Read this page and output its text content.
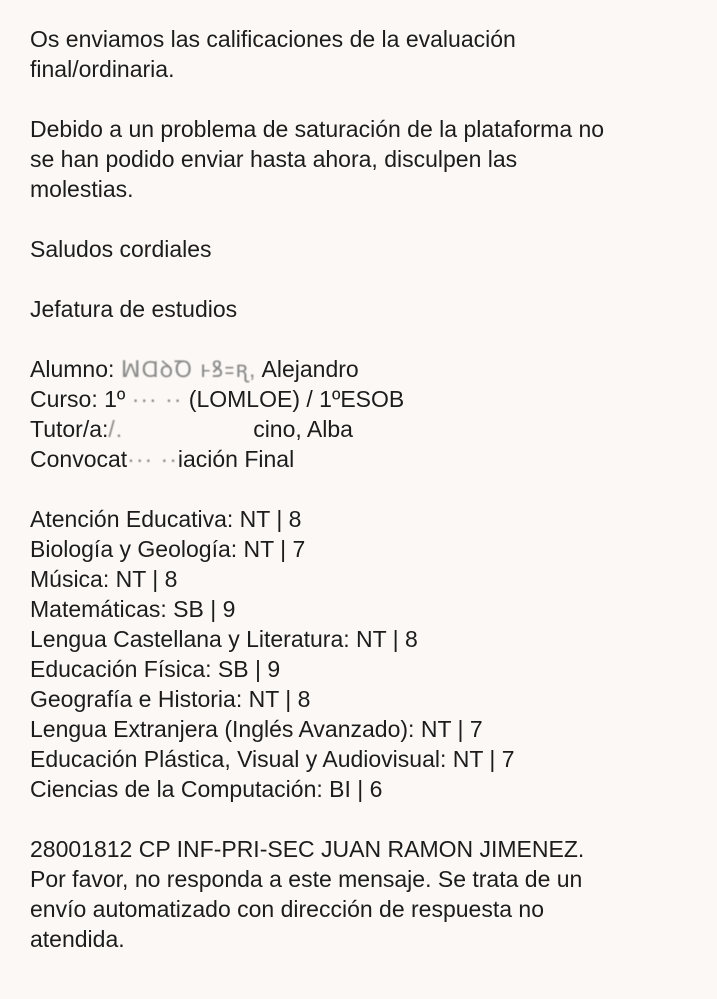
Os enviamos las calificaciones de la evaluación
final/ordinaria.

Debido a un problema de saturación de la plataforma no
se han podido enviar hasta ahora, disculpen las
molestias.

Saludos cordiales

Jefatura de estudios

Alumno: ꟽⱭꝺꝹ ⱶꝸ꞊ꭆ, Alejandro
Curso: 1º ··· ·· (LOMLOE) / 1ºESOB
Tutor/a:/.	cino, Alba
Convocat··· ··iación Final
Atención Educativa: NT | 8
Biología y Geología: NT | 7
Música: NT | 8
Matemáticas: SB | 9
Lengua Castellana y Literatura: NT | 8
Educación Física: SB | 9
Geografía e Historia: NT | 8
Lengua Extranjera (Inglés Avanzado): NT | 7
Educación Plástica, Visual y Audiovisual: NT | 7
Ciencias de la Computación: BI | 6

28001812 CP INF-PRI-SEC JUAN RAMON JIMENEZ.
Por favor, no responda a este mensaje. Se trata de un
envío automatizado con dirección de respuesta no
atendida.
